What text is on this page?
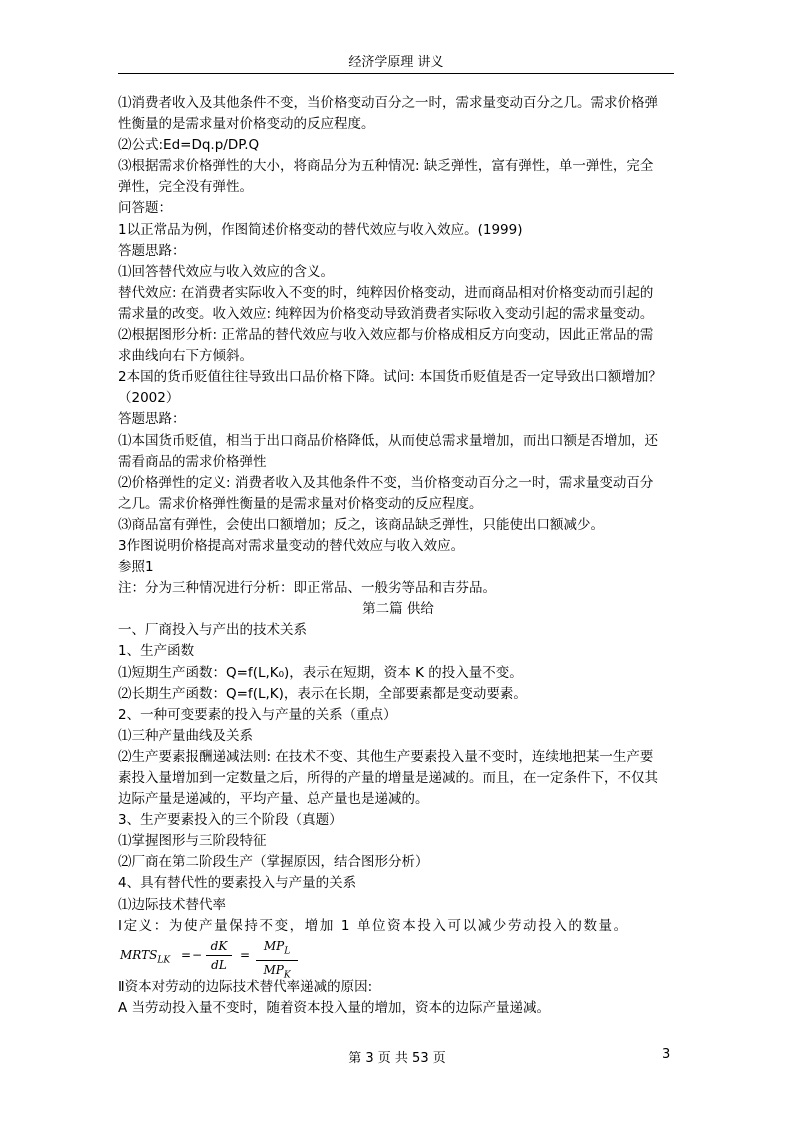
经济学原理 讲义
⑴消费者收入及其他条件不变，当价格变动百分之一时，需求量变动百分之几。需求价格弹
性衡量的是需求量对价格变动的反应程度。
⑵公式:Ed=Dq.p/DP.Q
⑶根据需求价格弹性的大小，将商品分为五种情况: 缺乏弹性，富有弹性，单一弹性，完全
弹性，完全没有弹性。
问答题：
1以正常品为例，作图简述价格变动的替代效应与收入效应。(1999)
答题思路：
⑴回答替代效应与收入效应的含义。
替代效应: 在消费者实际收入不变的时，纯粹因价格变动，进而商品相对价格变动而引起的
需求量的改变。收入效应: 纯粹因为价格变动导致消费者实际收入变动引起的需求量变动。
⑵根据图形分析: 正常品的替代效应与收入效应都与价格成相反方向变动，因此正常品的需
求曲线向右下方倾斜。
2本国的货币贬值往往导致出口品价格下降。试问: 本国货币贬值是否一定导致出口额增加？
（2002）
答题思路：
⑴本国货币贬值，相当于出口商品价格降低，从而使总需求量增加，而出口额是否增加，还
需看商品的需求价格弹性
⑵价格弹性的定义: 消费者收入及其他条件不变，当价格变动百分之一时，需求量变动百分
之几。需求价格弹性衡量的是需求量对价格变动的反应程度。
⑶商品富有弹性，会使出口额增加；反之，该商品缺乏弹性，只能使出口额减少。
3作图说明价格提高对需求量变动的替代效应与收入效应。
参照1
注：分为三种情况进行分析：即正常品、一般劣等品和吉芬品。
第二篇 供给
一、厂商投入与产出的技术关系
1、生产函数
⑴短期生产函数：Q=f(L,K₀)，表示在短期，资本 K 的投入量不变。
⑵长期生产函数：Q=f(L,K)，表示在长期，全部要素都是变动要素。
2、一种可变要素的投入与产量的关系（重点）
⑴三种产量曲线及关系
⑵生产要素报酬递减法则: 在技术不变、其他生产要素投入量不变时，连续地把某一生产要
素投入量增加到一定数量之后，所得的产量的增量是递减的。而且，在一定条件下，不仅其
边际产量是递减的，平均产量、总产量也是递减的。
3、生产要素投入的三个阶段（真题）
⑴掌握图形与三阶段特征
⑵厂商在第二阶段生产（掌握原因，结合图形分析）
4、具有替代性的要素投入与产量的关系
⑴边际技术替代率
Ⅰ定义：为使产量保持不变，增加 1 单位资本投入可以减少劳动投入的数量。
$MRTS_{LK}$ = −
dK
dL
=
$MP_L$
$MP_K$
Ⅱ资本对劳动的边际技术替代率递减的原因:
A 当劳动投入量不变时，随着资本投入量的增加，资本的边际产量递减。
第 3 页 共 53 页	3
